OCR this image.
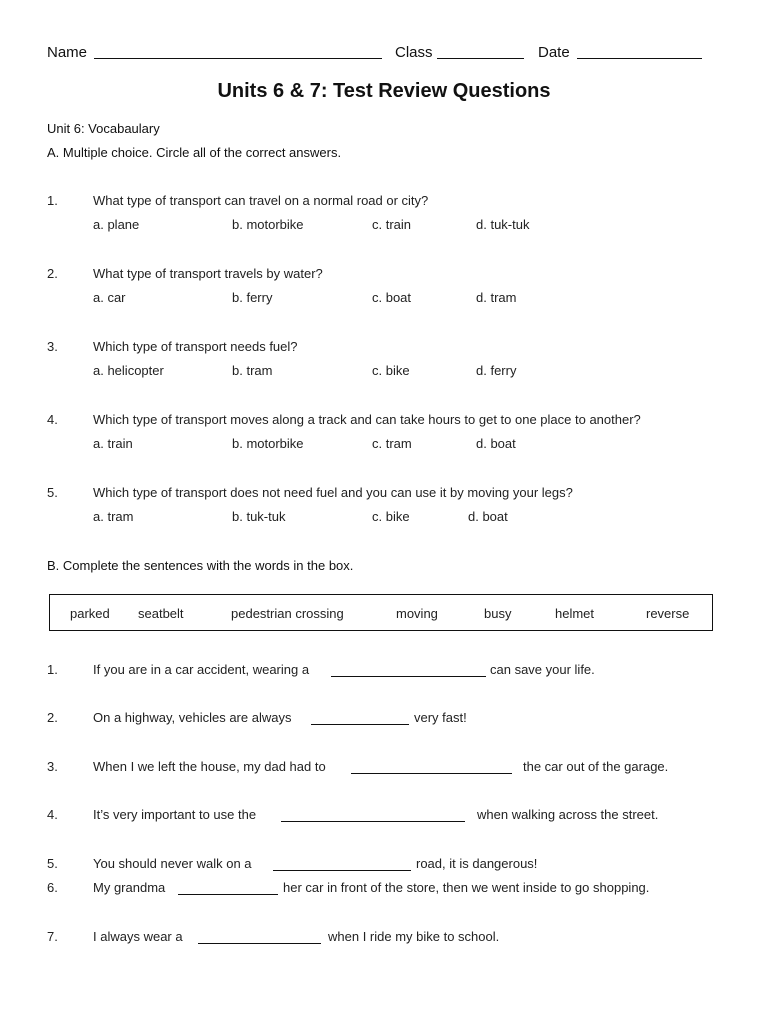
Name	Class	Date
Units 6 & 7: Test Review Questions
Unit 6: Vocabaulary
A. Multiple choice. Circle all of the correct answers.
1.	What type of transport can travel on a normal road or city?
a. plane	b. motorbike	c. train	d. tuk-tuk
2.	What type of transport travels by water?
a. car	b. ferry	c. boat	d. tram
3.	Which type of transport needs fuel?
a. helicopter	b. tram	c. bike	d. ferry
4.	Which type of transport moves along a track and can take hours to get to one place to another?
a. train	b. motorbike	c. tram	d. boat
5.	Which type of transport does not need fuel and you can use it by moving your legs?
a. tram	b. tuk-tuk	c. bike	d. boat
B. Complete the sentences with the words in the box.
parked seatbelt	pedestrian crossing	moving	busy	helmet	reverse
1.	If you are in a car accident, wearing a	can save your life.
2.	On a highway, vehicles are always	very fast!
3.	When I we left the house, my dad had to	the car out of the garage.
4.	It’s very important to use the	when walking across the street.
5.	You should never walk on a	road, it is dangerous!
6.	My grandma	her car in front of the store, then we went inside to go shopping.
7.	I always wear a	when I ride my bike to school.
